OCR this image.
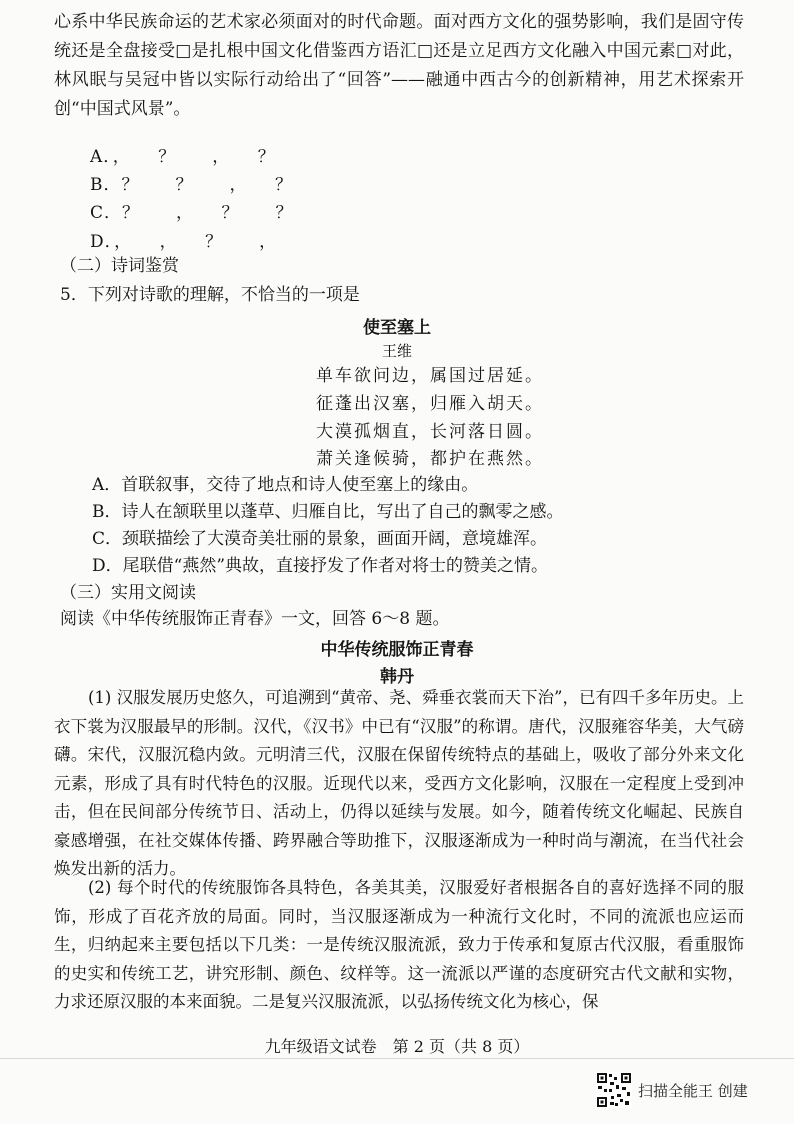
心系中华民族命运的艺术家必须面对的时代命题。面对西方文化的强势影响，我们是固守传统还是全盘接受□是扎根中国文化借鉴西方语汇□还是立足西方文化融入中国元素□对此，林风眠与吴冠中皆以实际行动给出了“回答”——融通中西古今的创新精神，用艺术探索开创“中国式风景”。
A．，　　？　　，　　？
B．？　　？　　，　　？
C．？　　，　　？　　？
D．，　　，　　？　　，
（二）诗词鉴赏
5．下列对诗歌的理解，不恰当的一项是
使至塞上
王维
单车欲问边，属国过居延。
征蓬出汉塞，归雁入胡天。
大漠孤烟直，长河落日圆。
萧关逢候骑，都护在燕然。
A．首联叙事，交待了地点和诗人使至塞上的缘由。
B．诗人在颔联里以蓬草、归雁自比，写出了自己的飘零之感。
C．颈联描绘了大漠奇美壮丽的景象，画面开阔，意境雄浑。
D．尾联借“燕然”典故，直接抒发了作者对将士的赞美之情。
（三）实用文阅读
阅读《中华传统服饰正青春》一文，回答 6～8 题。
中华传统服饰正青春
韩丹
(1) 汉服发展历史悠久，可追溯到“黄帝、尧、舜垂衣裳而天下治”，已有四千多年历史。上衣下裳为汉服最早的形制。汉代，《汉书》中已有“汉服”的称谓。唐代，汉服雍容华美，大气磅礴。宋代，汉服沉稳内敛。元明清三代，汉服在保留传统特点的基础上，吸收了部分外来文化元素，形成了具有时代特色的汉服。近现代以来，受西方文化影响，汉服在一定程度上受到冲击，但在民间部分传统节日、活动上，仍得以延续与发展。如今，随着传统文化崛起、民族自豪感增强，在社交媒体传播、跨界融合等助推下，汉服逐渐成为一种时尚与潮流，在当代社会焕发出新的活力。
(2) 每个时代的传统服饰各具特色，各美其美，汉服爱好者根据各自的喜好选择不同的服饰，形成了百花齐放的局面。同时，当汉服逐渐成为一种流行文化时，不同的流派也应运而生，归纳起来主要包括以下几类：一是传统汉服流派，致力于传承和复原古代汉服，看重服饰的史实和传统工艺，讲究形制、颜色、纹样等。这一流派以严谨的态度研究古代文献和实物，力求还原汉服的本来面貌。二是复兴汉服流派，以弘扬传统文化为核心，保
九年级语文试卷　第 2 页（共 8 页）
扫描全能王 创建
